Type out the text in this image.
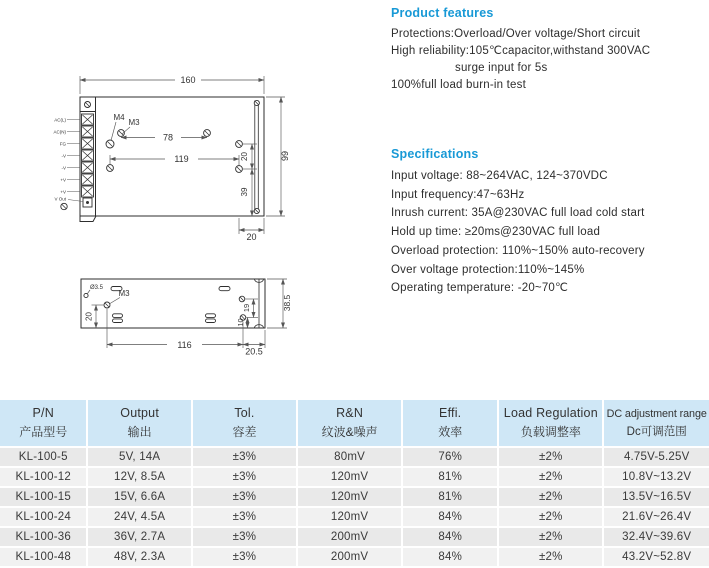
AC(L)
AC(N)
FG
-V
-V
+V
+V
V Out
160
99
78
119	20
39
20
M4
M3
Ø3.5
M3
20
19
10
38.5
116
20.5
Product features
Protections:Overload/Over voltage/Short circuit
High reliability:105℃capacitor,withstand 300VAC
surge input for 5s
100%full load burn-in test
Specifications
Input voltage: 88~264VAC, 124~370VDC
Input frequency:47~63Hz
Inrush current: 35A@230VAC full load cold start
Hold up time: ≥20ms@230VAC full load
Overload protection: 110%~150% auto-recovery
Over voltage protection:110%~145%
Operating temperature: -20~70℃
P/N
产品型号

Output
输出

Tol.
容差

R&N
纹波&噪声

Effi.
效率

Load Regulation
负载调整率

DC adjustment range
Dc可调范围

KL-100-5	5V, 14A	±3%	80mV	76%	±2%	4.75V-5.25V
KL-100-12	12V, 8.5A	±3%	120mV	81%	±2%	10.8V~13.2V
KL-100-15	15V, 6.6A	±3%	120mV	81%	±2%	13.5V~16.5V
KL-100-24	24V, 4.5A	±3%	120mV	84%	±2%	21.6V~26.4V
KL-100-36	36V, 2.7A	±3%	200mV	84%	±2%	32.4V~39.6V
KL-100-48	48V, 2.3A	±3%	200mV	84%	±2%	43.2V~52.8V
